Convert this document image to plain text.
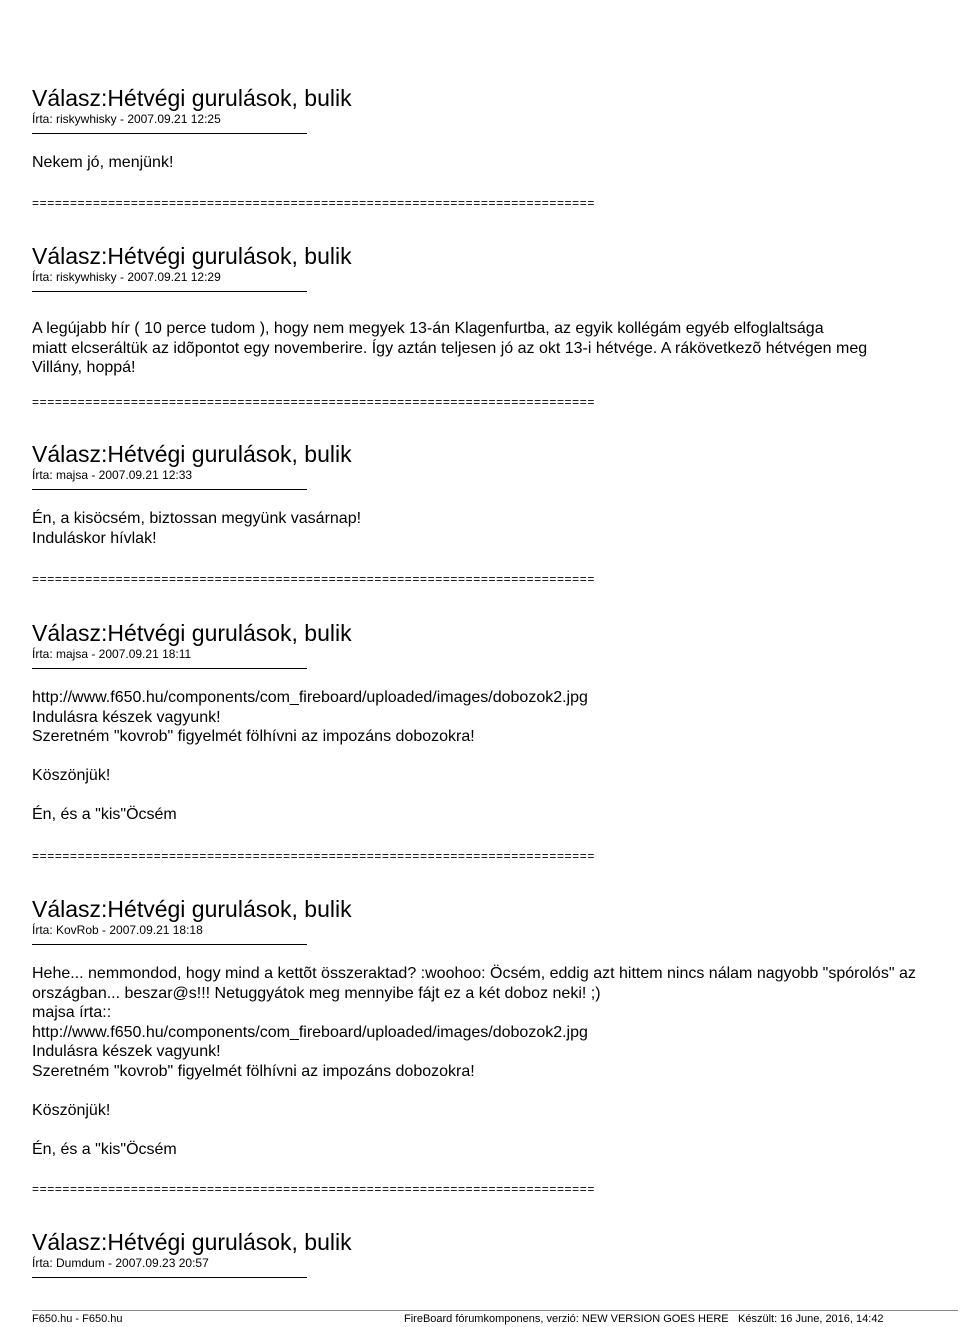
Válasz:Hétvégi gurulások, bulik
Írta: riskywhisky - 2007.09.21 12:25
Nekem jó, menjünk!
==========================================================================
Válasz:Hétvégi gurulások, bulik
Írta: riskywhisky - 2007.09.21 12:29
A legújabb hír ( 10 perce tudom ), hogy nem megyek 13-án Klagenfurtba, az egyik kollégám egyéb elfoglaltsága
miatt elcseráltük az idõpontot egy novemberire. Így aztán teljesen jó az okt 13-i hétvége. A rákövetkezõ hétvégen meg
Villány, hoppá!
==========================================================================
Válasz:Hétvégi gurulások, bulik
Írta: majsa - 2007.09.21 12:33
Én, a kisöcsém, biztossan megyünk vasárnap!
Induláskor hívlak!
==========================================================================
Válasz:Hétvégi gurulások, bulik
Írta: majsa - 2007.09.21 18:11
http://www.f650.hu/components/com_fireboard/uploaded/images/dobozok2.jpg
Indulásra készek vagyunk!
Szeretném "kovrob" figyelmét fölhívni az impozáns dobozokra!
Köszönjük!
Én, és a "kis"Öcsém
==========================================================================
Válasz:Hétvégi gurulások, bulik
Írta: KovRob - 2007.09.21 18:18
Hehe... nemmondod, hogy mind a kettõt összeraktad? :woohoo: Öcsém, eddig azt hittem nincs nálam nagyobb "spórolós" az
országban... beszar@s!!! Netuggyátok meg mennyibe fájt ez a két doboz neki! ;)
majsa írta::
http://www.f650.hu/components/com_fireboard/uploaded/images/dobozok2.jpg
Indulásra készek vagyunk!
Szeretném "kovrob" figyelmét fölhívni az impozáns dobozokra!
Köszönjük!
Én, és a "kis"Öcsém
==========================================================================
Válasz:Hétvégi gurulások, bulik
Írta: Dumdum - 2007.09.23 20:57
F650.hu - F650.hu	FireBoard fórumkomponens, verzió: NEW VERSION GOES HERE Készült: 16 June, 2016, 14:42
